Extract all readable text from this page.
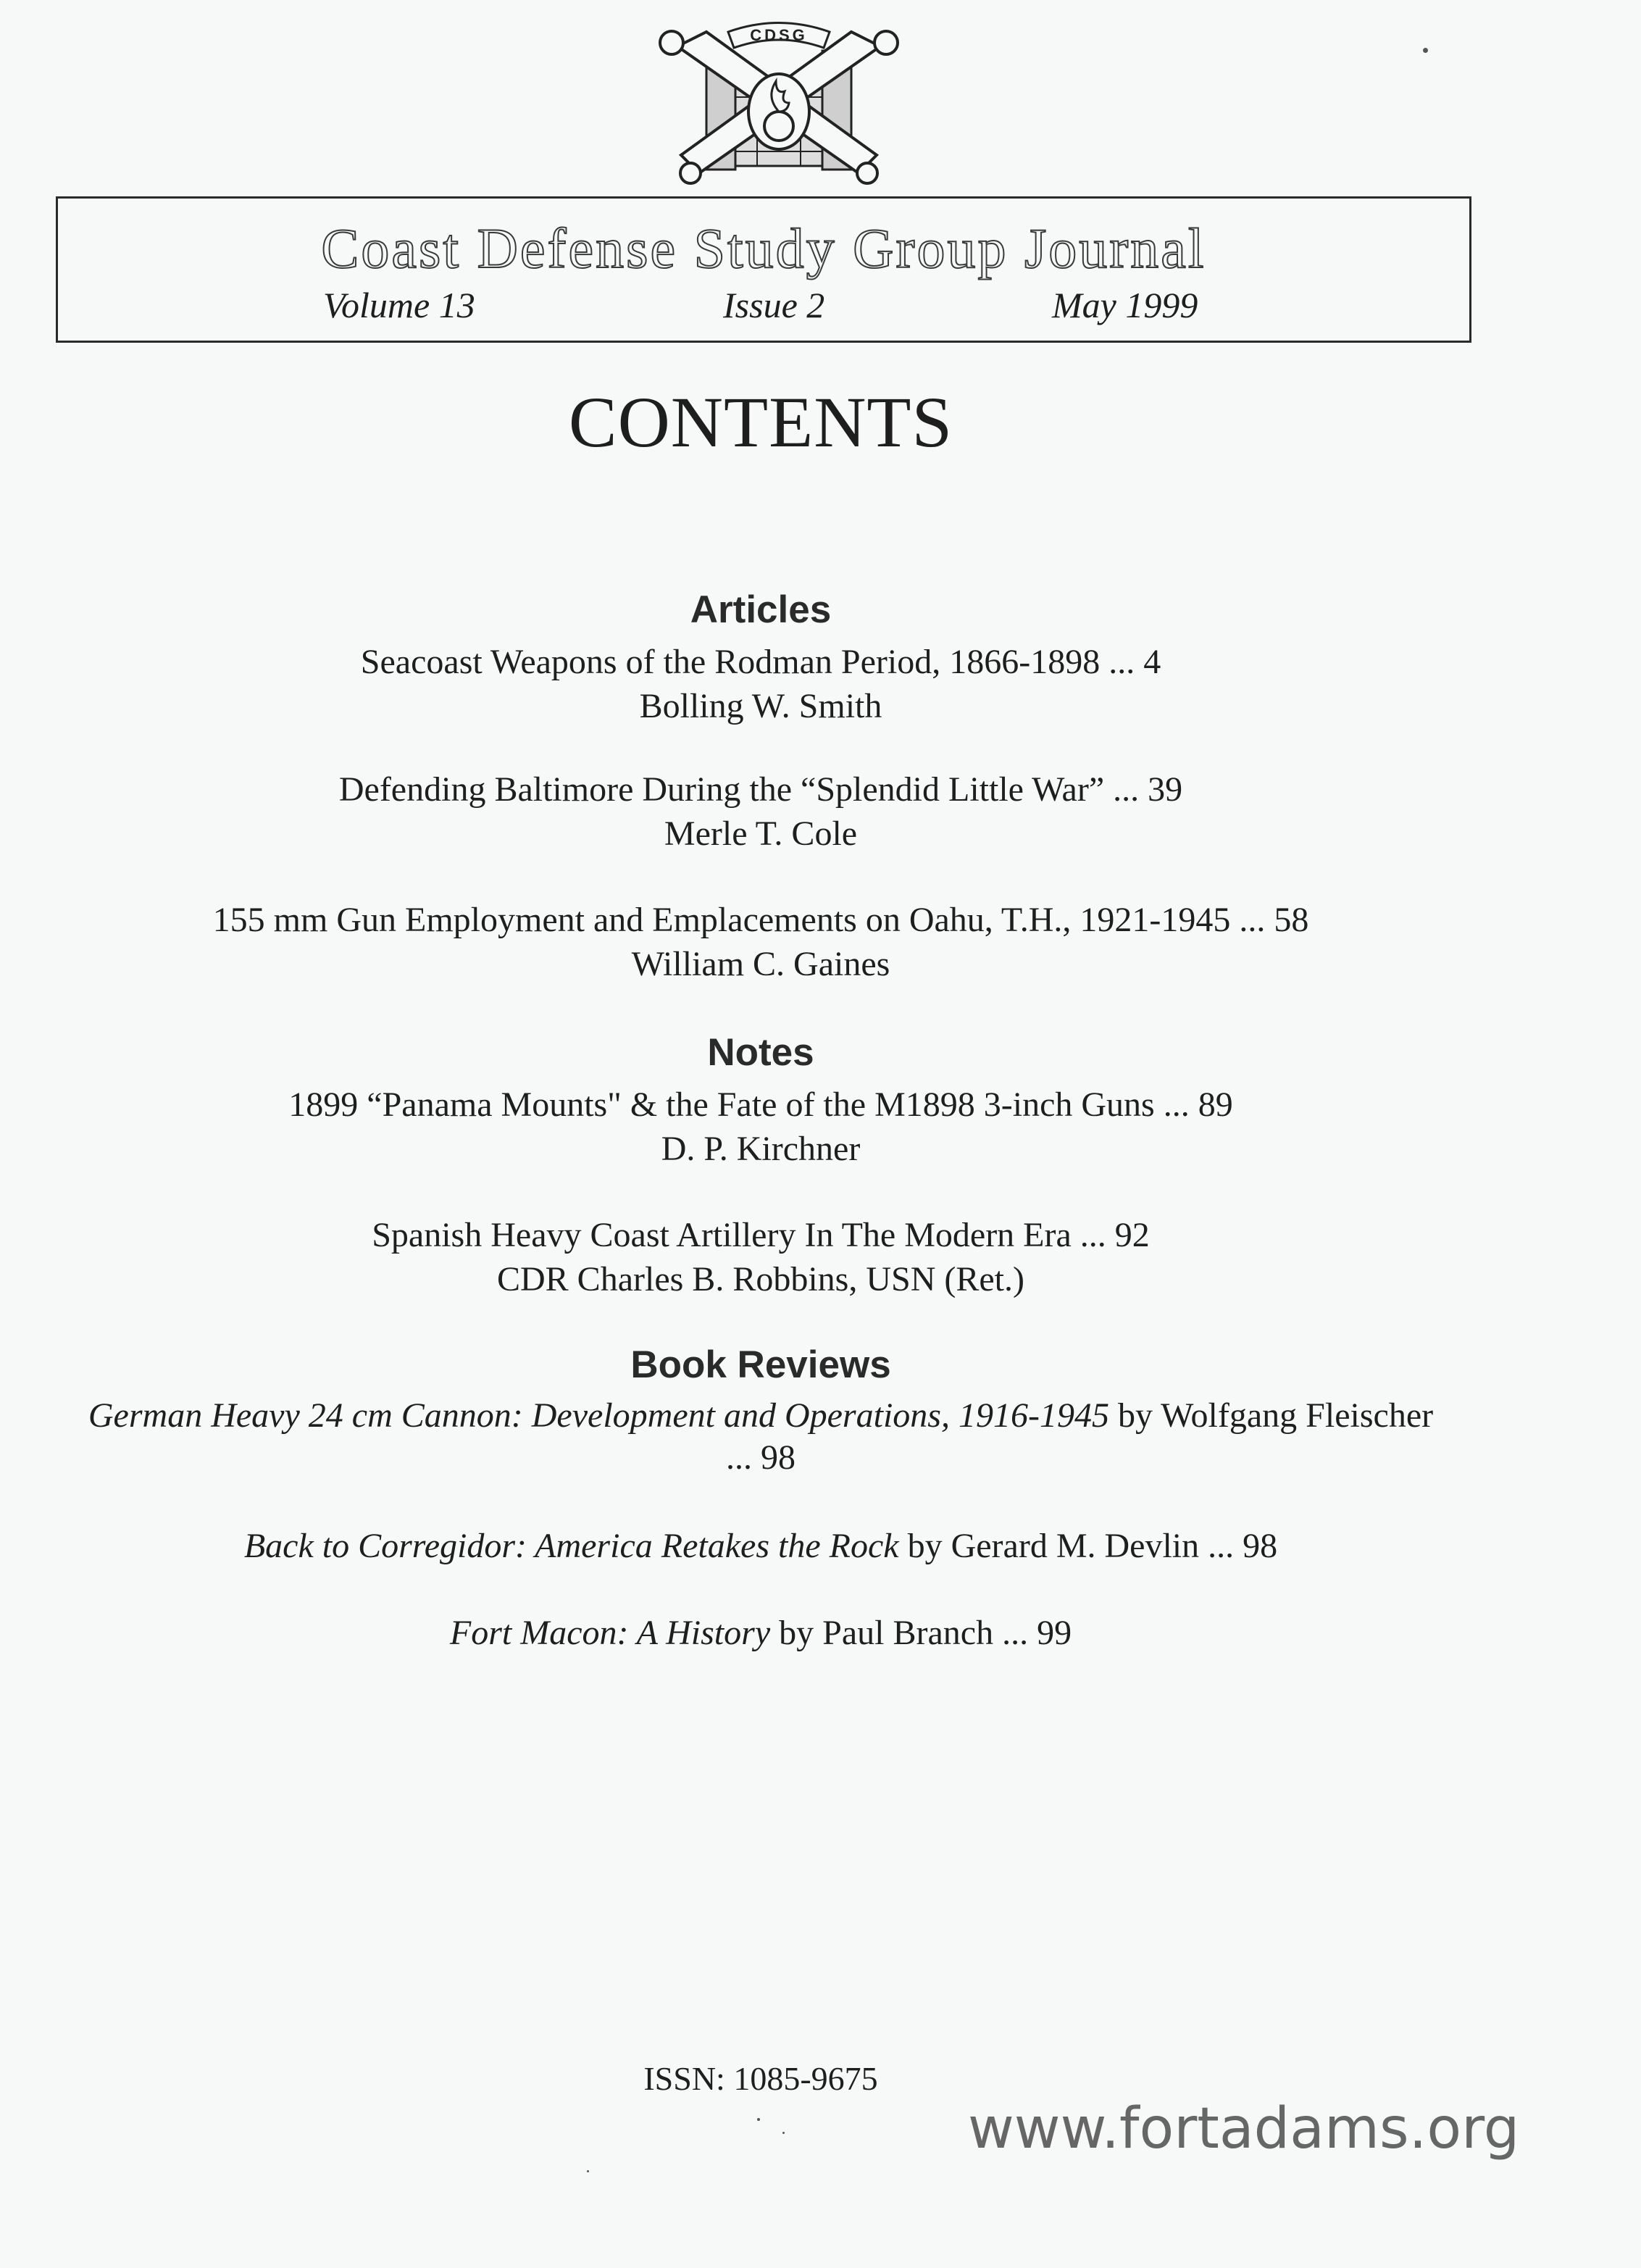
CDSG
Coast Defense Study Group Journal
Volume 13	Issue 2	May 1999
CONTENTS
Articles
Seacoast Weapons of the Rodman Period, 1866-1898 ... 4
Bolling W. Smith
Defending Baltimore During the “Splendid Little War” ... 39
Merle T. Cole
155 mm Gun Employment and Emplacements on Oahu, T.H., 1921-1945 ... 58
William C. Gaines
Notes
1899 “Panama Mounts" & the Fate of the M1898 3-inch Guns ... 89
D. P. Kirchner
Spanish Heavy Coast Artillery In The Modern Era ... 92
CDR Charles B. Robbins, USN (Ret.)
Book Reviews
German Heavy 24 cm Cannon: Development and Operations, 1916-1945 by Wolfgang Fleischer ... 98
Back to Corregidor: America Retakes the Rock by Gerard M. Devlin ... 98
Fort Macon: A History by Paul Branch ... 99
ISSN: 1085-9675
www.fortadams.org
